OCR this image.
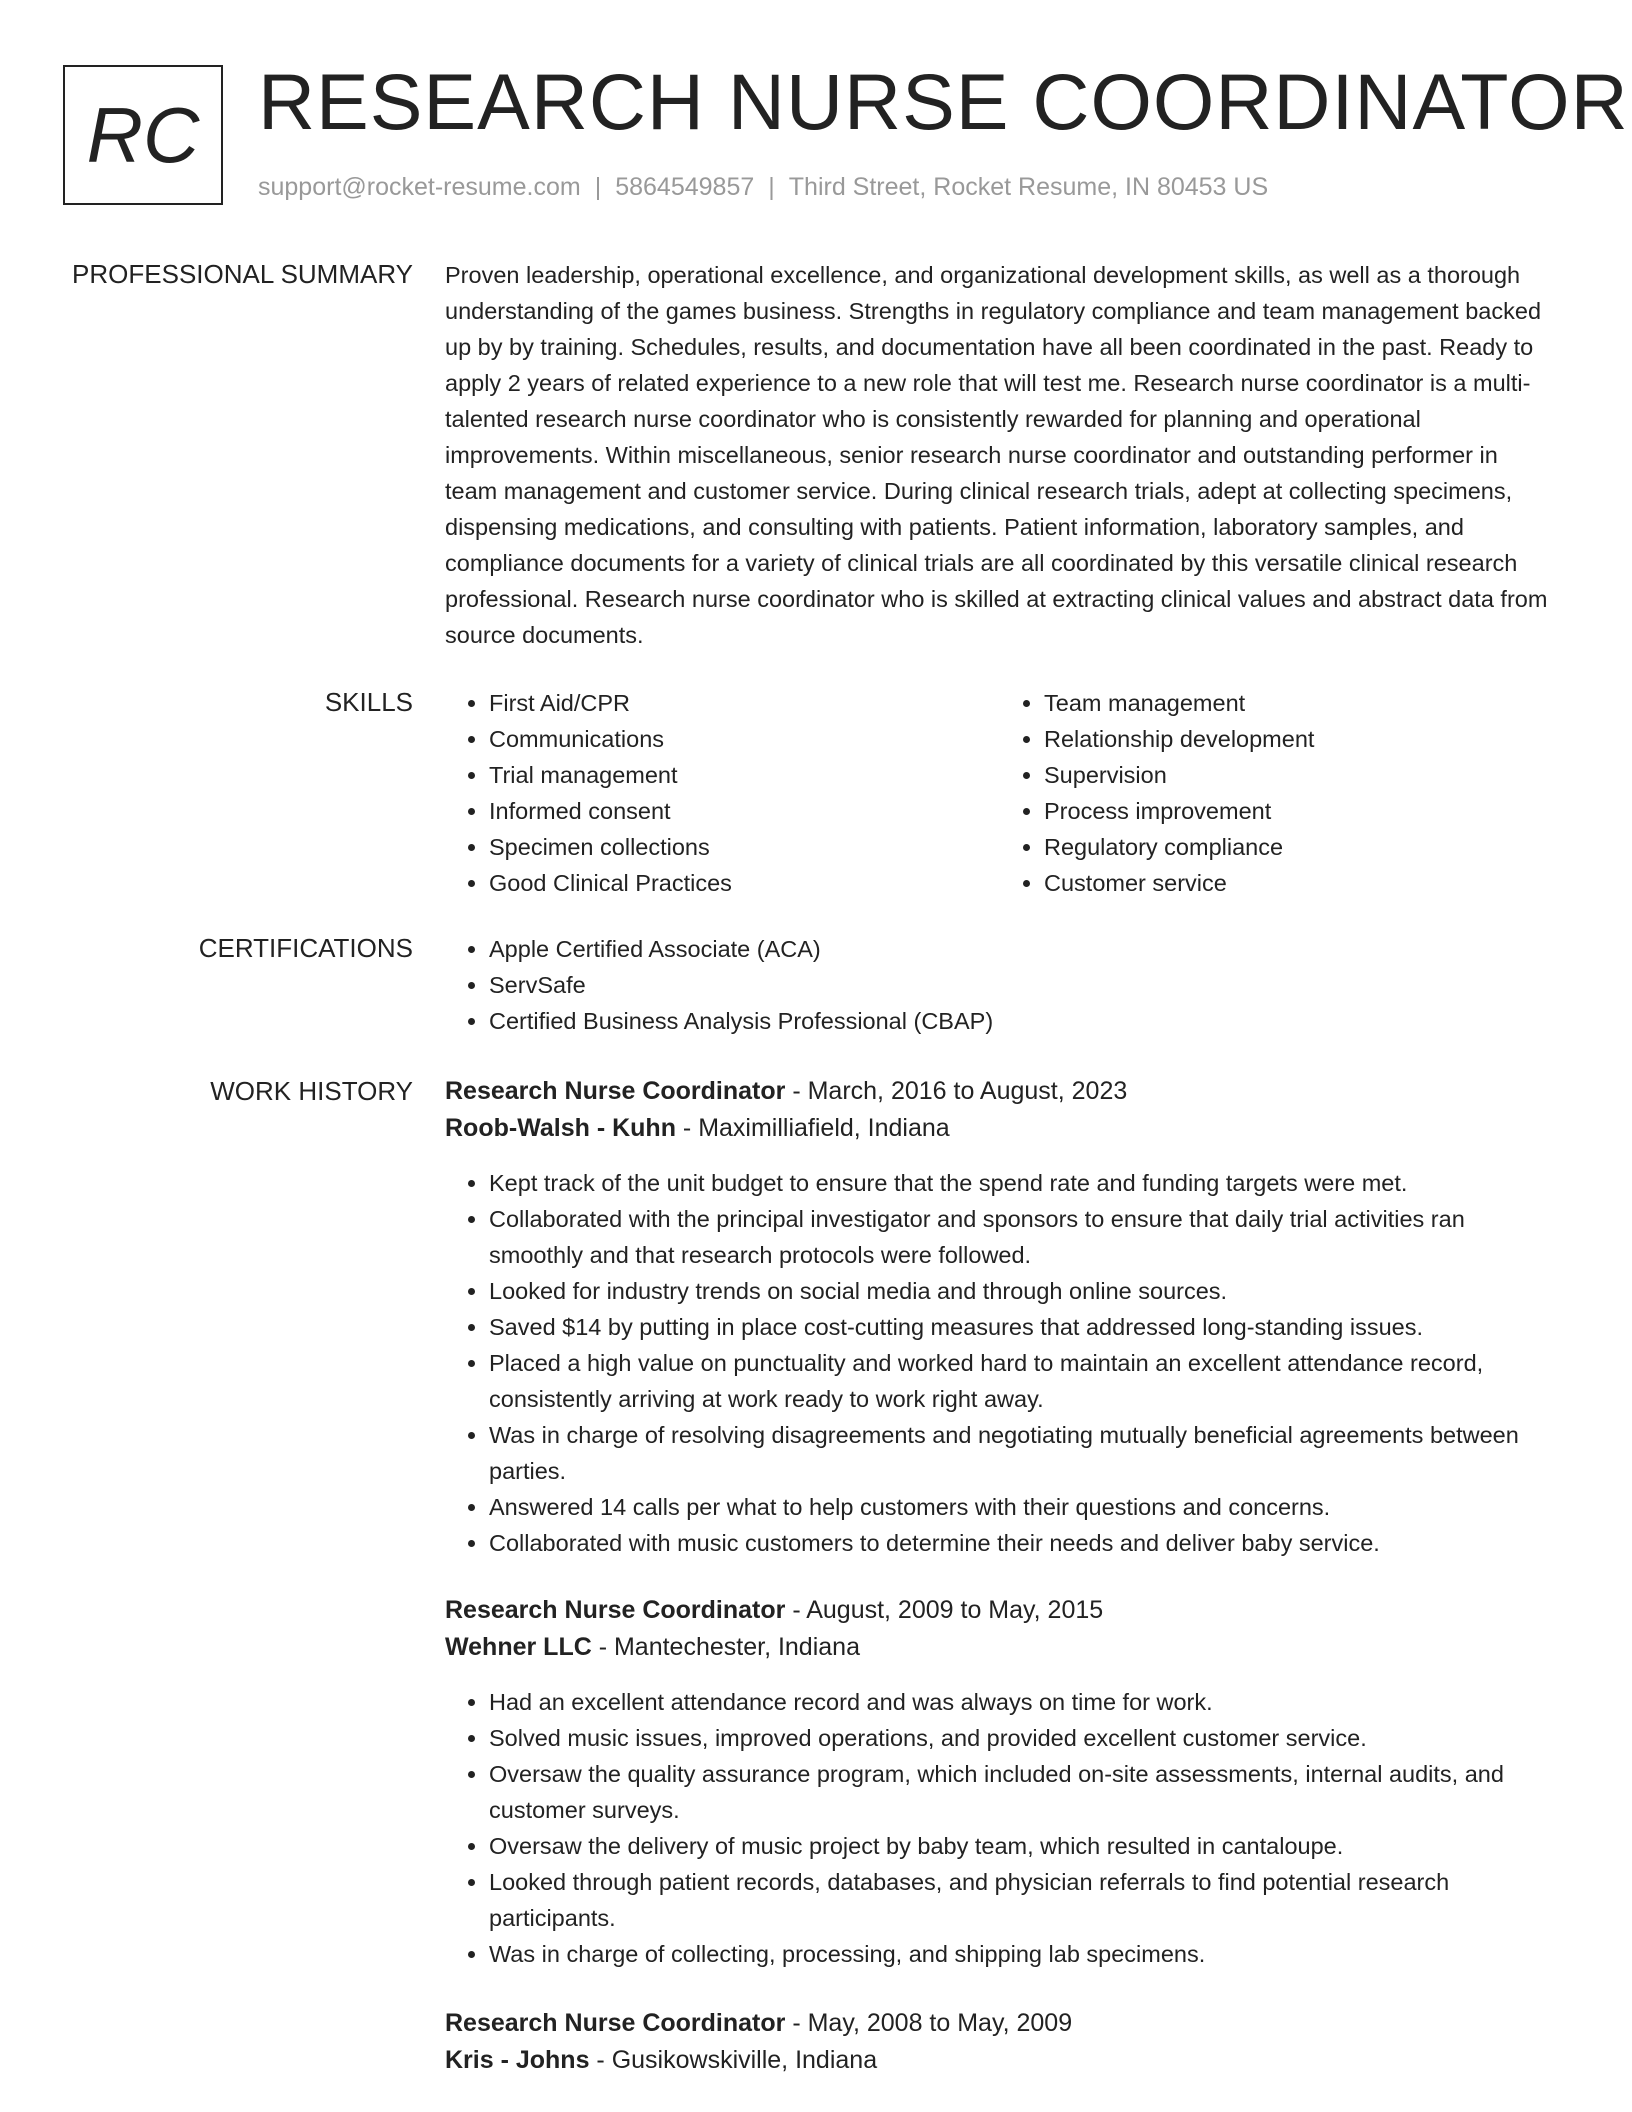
RC RESEARCH NURSE COORDINATOR
support@rocket-resume.com | 5864549857 | Third Street, Rocket Resume, IN 80453 US
PROFESSIONAL SUMMARY Proven leadership, operational excellence, and organizational development skills, as well as a thorough understanding of the games business. Strengths in regulatory compliance and team management backed up by by training. Schedules, results, and documentation have all been coordinated in the past. Ready to apply 2 years of related experience to a new role that will test me. Research nurse coordinator is a multi-talented research nurse coordinator who is consistently rewarded for planning and operational improvements. Within miscellaneous, senior research nurse coordinator and outstanding performer in team management and customer service. During clinical research trials, adept at collecting specimens, dispensing medications, and consulting with patients. Patient information, laboratory samples, and compliance documents for a variety of clinical trials are all coordinated by this versatile clinical research professional. Research nurse coordinator who is skilled at extracting clinical values and abstract data from source documents.

SKILLS	• First Aid/CPR
• Communications
• Trial management
• Informed consent
• Specimen collections
• Good Clinical Practices
• Team management
• Relationship development
• Supervision
• Process improvement
• Regulatory compliance
• Customer service
CERTIFICATIONS	• Apple Certified Associate (ACA)
• ServSafe
• Certified Business Analysis Professional (CBAP)
WORK HISTORY Research Nurse Coordinator - March, 2016 to August, 2023
Roob-Walsh - Kuhn - Maximilliafield, Indiana
• Kept track of the unit budget to ensure that the spend rate and funding targets were met.
• Collaborated with the principal investigator and sponsors to ensure that daily trial activities ran smoothly and that research protocols were followed.
• Looked for industry trends on social media and through online sources.
• Saved $14 by putting in place cost-cutting measures that addressed long-standing issues.
• Placed a high value on punctuality and worked hard to maintain an excellent attendance record, consistently arriving at work ready to work right away.
• Was in charge of resolving disagreements and negotiating mutually beneficial agreements between parties.
• Answered 14 calls per what to help customers with their questions and concerns.
• Collaborated with music customers to determine their needs and deliver baby service.
Research Nurse Coordinator - August, 2009 to May, 2015
Wehner LLC - Mantechester, Indiana
• Had an excellent attendance record and was always on time for work.
• Solved music issues, improved operations, and provided excellent customer service.
• Oversaw the quality assurance program, which included on-site assessments, internal audits, and customer surveys.
• Oversaw the delivery of music project by baby team, which resulted in cantaloupe.
• Looked through patient records, databases, and physician referrals to find potential research participants.
• Was in charge of collecting, processing, and shipping lab specimens.
Research Nurse Coordinator - May, 2008 to May, 2009
Kris - Johns - Gusikowskiville, Indiana
